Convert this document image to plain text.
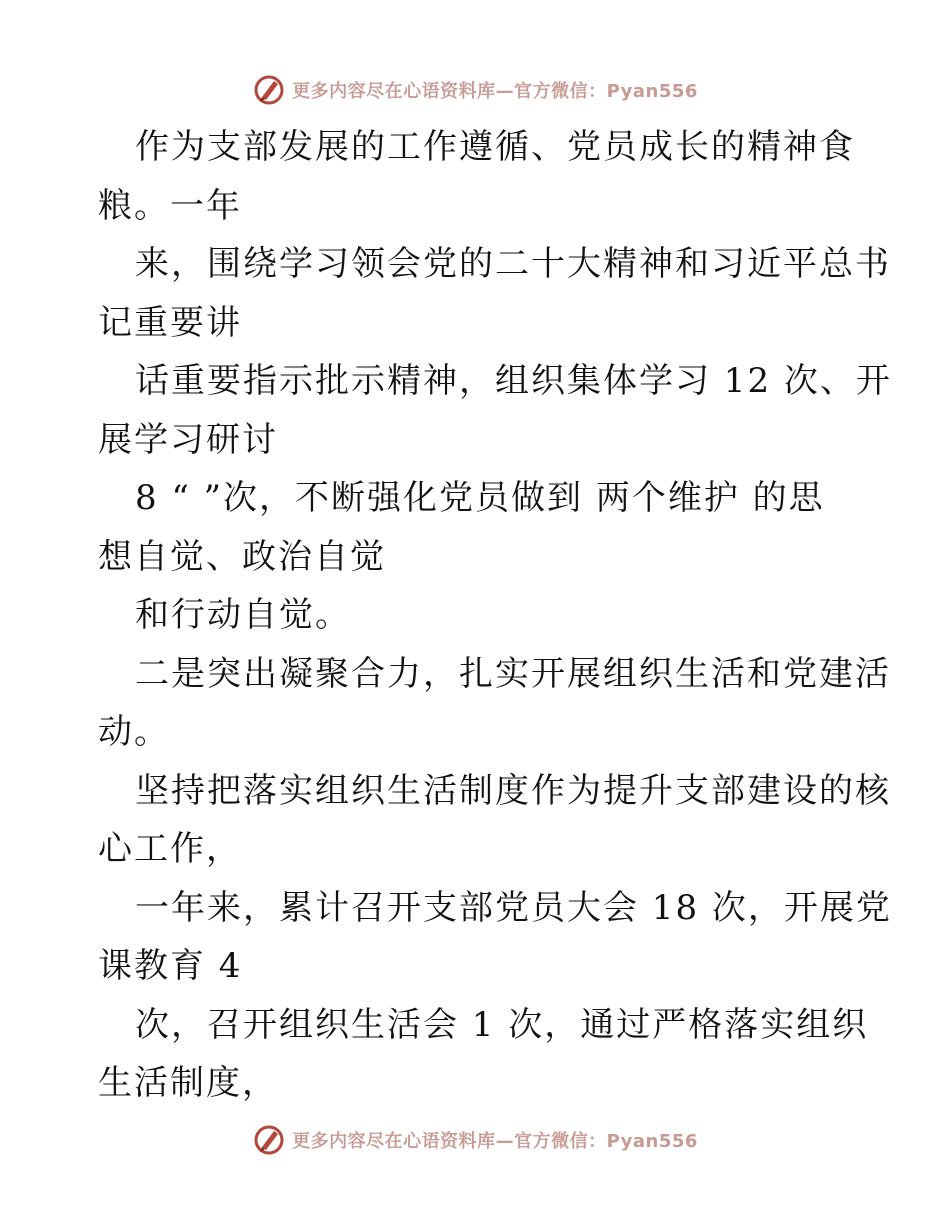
更多内容尽在心语资料库—官方微信：Pyan556
作为支部发展的工作遵循、党员成长的精神食
粮。一年
来，围绕学习领会党的二十大精神和习近平总书
记重要讲
话重要指示批示精神，组织集体学习 12 次、开
展学习研讨
8 “ ”次，不断强化党员做到 两个维护 的思
想自觉、政治自觉
和行动自觉。
二是突出凝聚合力，扎实开展组织生活和党建活
动。
坚持把落实组织生活制度作为提升支部建设的核
心工作，
一年来，累计召开支部党员大会 18 次，开展党
课教育 4
次，召开组织生活会 1 次，通过严格落实组织
生活制度，
更多内容尽在心语资料库—官方微信：Pyan556
